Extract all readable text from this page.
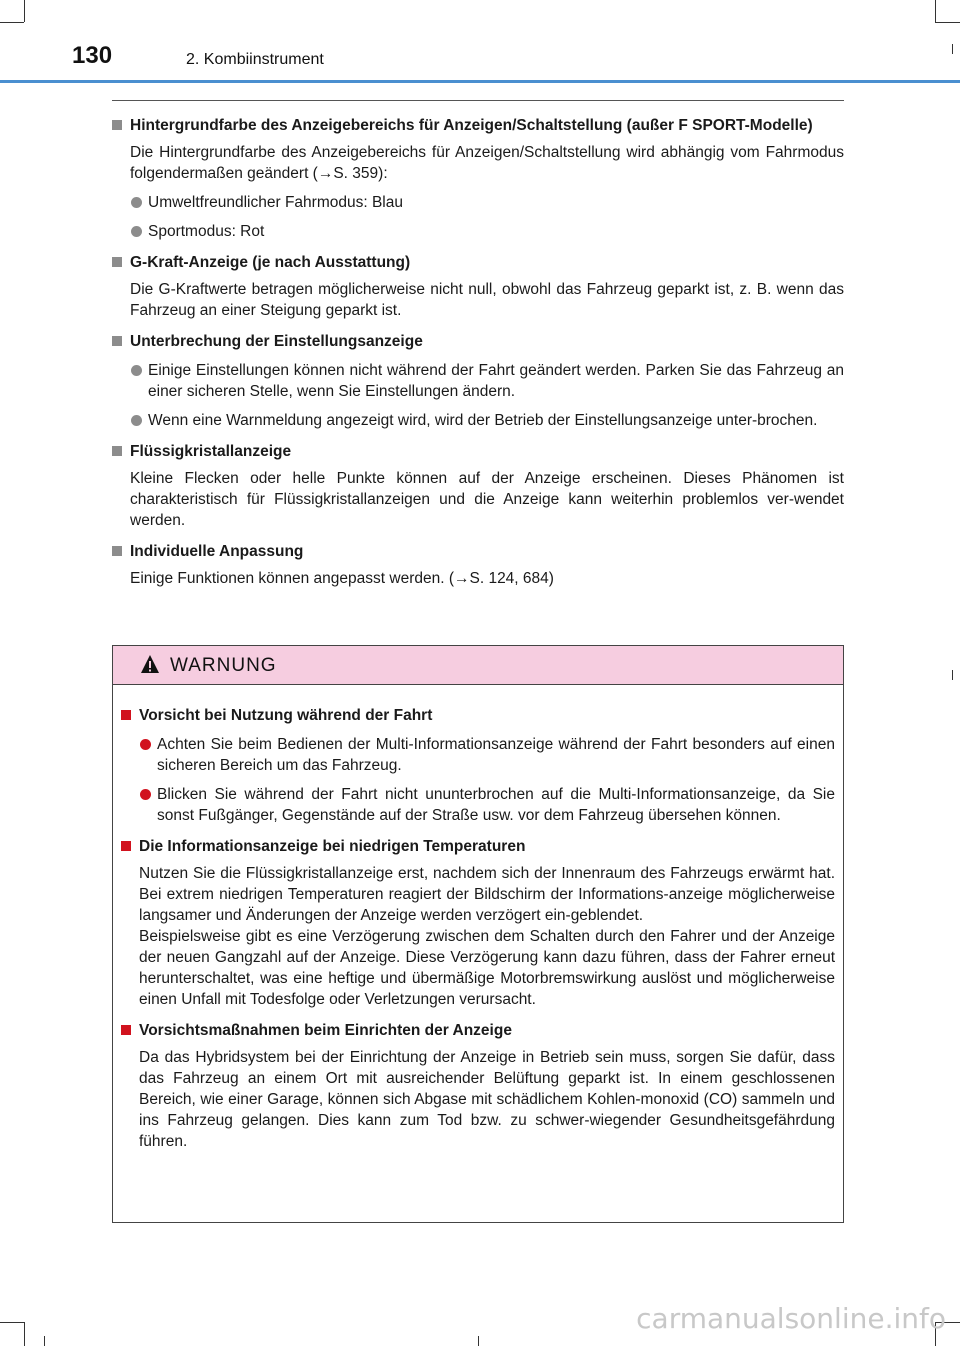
130	2. Kombiinstrument
Hintergrundfarbe des Anzeigebereichs für Anzeigen/Schaltstellung (außer F SPORT-Modelle)
Die Hintergrundfarbe des Anzeigebereichs für Anzeigen/Schaltstellung wird abhängig vom Fahrmodus folgendermaßen geändert (→S. 359):
Umweltfreundlicher Fahrmodus: Blau
Sportmodus: Rot
G-Kraft-Anzeige (je nach Ausstattung)
Die G-Kraftwerte betragen möglicherweise nicht null, obwohl das Fahrzeug geparkt ist, z. B. wenn das Fahrzeug an einer Steigung geparkt ist.
Unterbrechung der Einstellungsanzeige
Einige Einstellungen können nicht während der Fahrt geändert werden. Parken Sie das Fahrzeug an einer sicheren Stelle, wenn Sie Einstellungen ändern.
Wenn eine Warnmeldung angezeigt wird, wird der Betrieb der Einstellungsanzeige unter-brochen.
Flüssigkristallanzeige
Kleine Flecken oder helle Punkte können auf der Anzeige erscheinen. Dieses Phänomen ist charakteristisch für Flüssigkristallanzeigen und die Anzeige kann weiterhin problemlos ver-wendet werden.
Individuelle Anpassung
Einige Funktionen können angepasst werden. (→S. 124, 684)
WARNUNG
Vorsicht bei Nutzung während der Fahrt
Achten Sie beim Bedienen der Multi-Informationsanzeige während der Fahrt besonders auf einen sicheren Bereich um das Fahrzeug.
Blicken Sie während der Fahrt nicht ununterbrochen auf die Multi-Informationsanzeige, da Sie sonst Fußgänger, Gegenstände auf der Straße usw. vor dem Fahrzeug übersehen können.
Die Informationsanzeige bei niedrigen Temperaturen
Nutzen Sie die Flüssigkristallanzeige erst, nachdem sich der Innenraum des Fahrzeugs erwärmt hat. Bei extrem niedrigen Temperaturen reagiert der Bildschirm der Informations-anzeige möglicherweise langsamer und Änderungen der Anzeige werden verzögert ein-geblendet.
Beispielsweise gibt es eine Verzögerung zwischen dem Schalten durch den Fahrer und der Anzeige der neuen Gangzahl auf der Anzeige. Diese Verzögerung kann dazu führen, dass der Fahrer erneut herunterschaltet, was eine heftige und übermäßige Motorbremswirkung auslöst und möglicherweise einen Unfall mit Todesfolge oder Verletzungen verursacht.
Vorsichtsmaßnahmen beim Einrichten der Anzeige
Da das Hybridsystem bei der Einrichtung der Anzeige in Betrieb sein muss, sorgen Sie dafür, dass das Fahrzeug an einem Ort mit ausreichender Belüftung geparkt ist. In einem geschlossenen Bereich, wie einer Garage, können sich Abgase mit schädlichem Kohlen-monoxid (CO) sammeln und ins Fahrzeug gelangen. Dies kann zum Tod bzw. zu schwer-wiegender Gesundheitsgefährdung führen.
carmanualsonline.info
